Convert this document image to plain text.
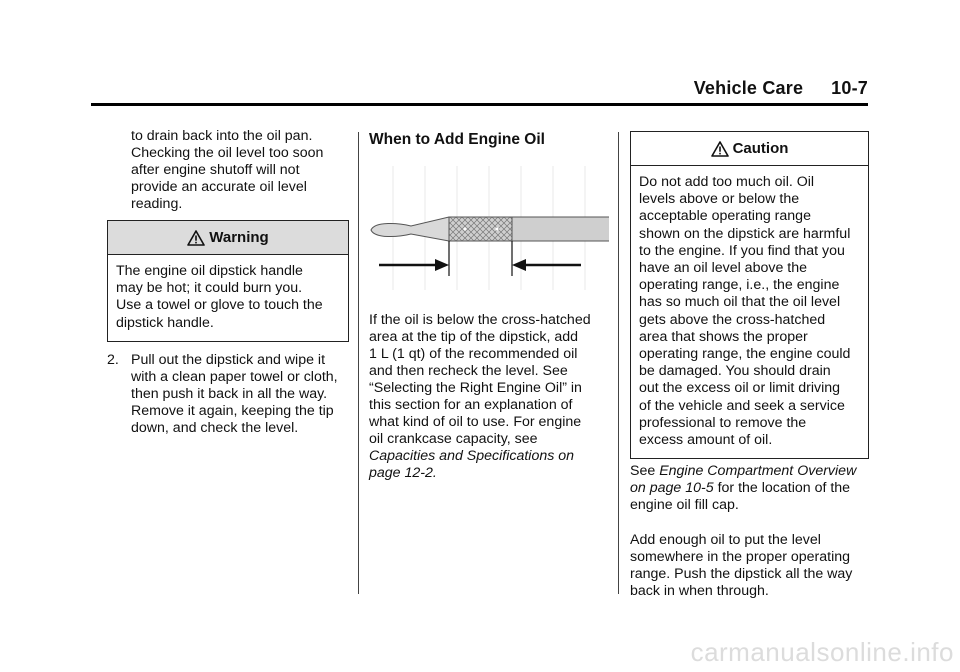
Vehicle Care 10-7
to drain back into the oil pan.
Checking the oil level too soon
after engine shutoff will not
provide an accurate oil level
reading.
Warning
The engine oil dipstick handle
may be hot; it could burn you.
Use a towel or glove to touch the
dipstick handle.
2. Pull out the dipstick and wipe it
with a clean paper towel or cloth,
then push it back in all the way.
Remove it again, keeping the tip
down, and check the level.
When to Add Engine Oil
If the oil is below the cross-hatched
area at the tip of the dipstick, add
1 L (1 qt) of the recommended oil
and then recheck the level. See
“Selecting the Right Engine Oil” in
this section for an explanation of
what kind of oil to use. For engine
oil crankcase capacity, see
Capacities and Specifications on
page 12-2.
Caution
Do not add too much oil. Oil
levels above or below the
acceptable operating range
shown on the dipstick are harmful
to the engine. If you find that you
have an oil level above the
operating range, i.e., the engine
has so much oil that the oil level
gets above the cross-hatched
area that shows the proper
operating range, the engine could
be damaged. You should drain
out the excess oil or limit driving
of the vehicle and seek a service
professional to remove the
excess amount of oil.
See Engine Compartment Overview
on page 10-5 for the location of the
engine oil fill cap.
Add enough oil to put the level
somewhere in the proper operating
range. Push the dipstick all the way
back in when through.
carmanualsonline.info
